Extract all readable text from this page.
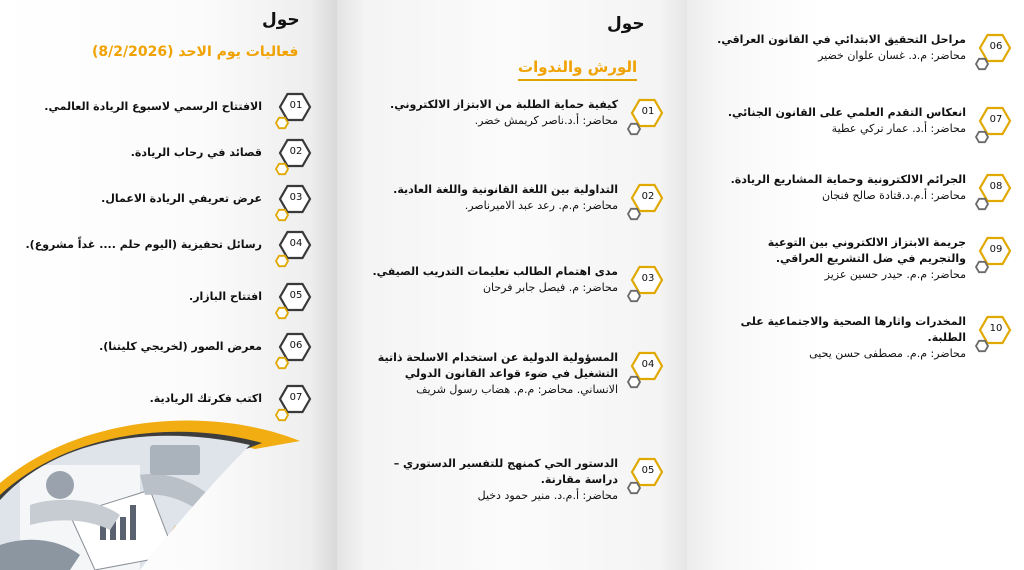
حول
فعاليات يوم الاحد (8/2/2026)
الافتتاح الرسمي لاسبوع الريادة العالمي.
قصائد في رحاب الريادة.
عرض تعريفي الريادة الاعمال.
رسائل تحفيزية (اليوم حلم .... غداً مشروع).
افتتاح البازار.
معرض الصور (لخريجي كليتنا).
اكتب فكرتك الريادية.
01
02
03
04
05
06
07
حول
الورش والندوات
01
كيفية حماية الطلبة من الابتزاز الالكتروني.
محاضر: أ.د.ناصر كريمش خضر.
02
التداولية بين اللغة القانونية واللغة العادية.
محاضر: م.م. رعد عبد الاميرناصر.
03
مدى اهتمام الطالب تعليمات التدريب الصيفي.
محاضر: م. فيصل جابر فرحان
04
المسؤولية الدولية عن استخدام الاسلحة ذاتية
التشغيل في ضوء قواعد القانون الدولي
الانساني. محاضر: م.م. هضاب رسول شريف
05
الدستور الحي كمنهج للتفسير الدستوري –
دراسة مقارنة.
محاضر: أ.م.د. منير حمود دخيل
06
مراحل التحقيق الابتدائي في القانون العراقي.
محاضر: م.د. غسان علوان خضير
07
انعكاس التقدم العلمي على القانون الجنائي.
محاضر: أ.د. عمار تركي عطية
08
الجرائم الالكترونية وحماية المشاريع الريادة.
محاضر: أ.م.د.قتادة صالح فنجان
09
جريمة الابتزاز الالكتروني بين التوعية
والتجريم في ضل التشريع العراقي.
محاضر: م.م. حيدر حسين عزيز
10
المخدرات واثارها الصحية والاجتماعية على
الطلبة.
محاضر: م.م. مصطفى حسن يحيى
